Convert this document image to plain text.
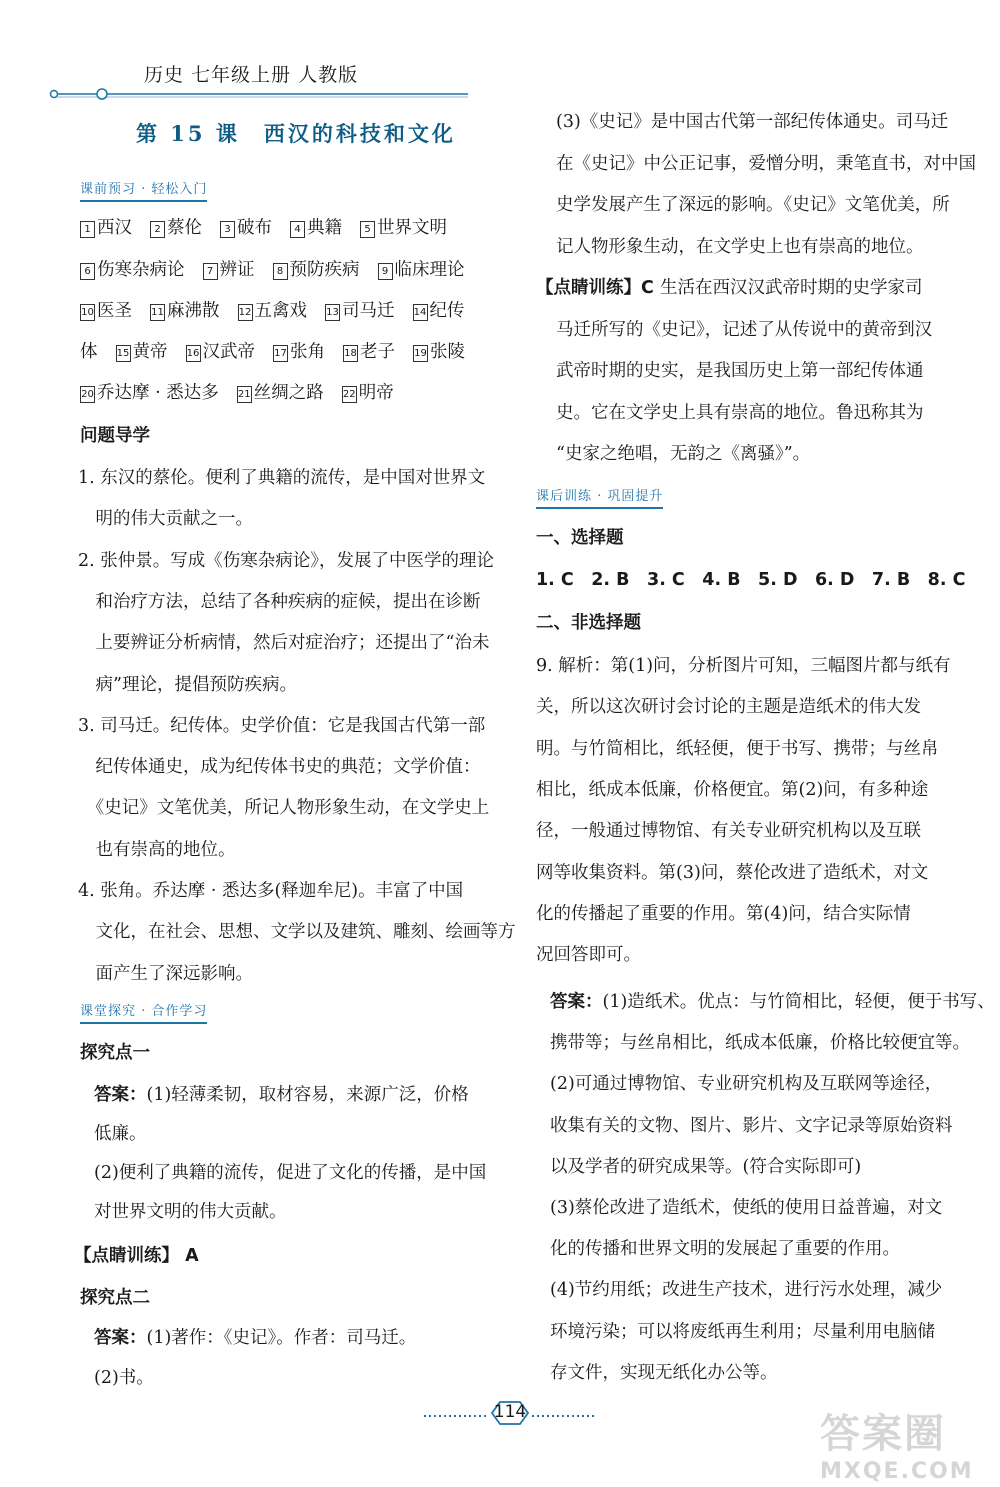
历史 七年级上册 人教版
第 15 课　西汉的科技和文化
课前预习 · 轻松入门
1 西汉 2 蔡伦 3 破布 4 典籍 5 世界文明
6 伤寒杂病论 7 辨证 8 预防疾病 9 临床理论
10 医圣 11 麻沸散 12 五禽戏 13 司马迁 14 纪传
体 15 黄帝 16 汉武帝 17 张角 18 老子 19 张陵
20 乔达摩 · 悉达多 21 丝绸之路 22 明帝
问题导学
1. 东汉的蔡伦。便利了典籍的流传，是中国对世界文
　明的伟大贡献之一。
2. 张仲景。写成《伤寒杂病论》，发展了中医学的理论
　和治疗方法，总结了各种疾病的症候，提出在诊断
　上要辨证分析病情，然后对症治疗；还提出了“治未
　病”理论，提倡预防疾病。
3. 司马迁。纪传体。史学价值：它是我国古代第一部
　纪传体通史，成为纪传体书史的典范；文学价值：
　《史记》文笔优美，所记人物形象生动，在文学史上
　也有崇高的地位。
4. 张角。乔达摩 · 悉达多(释迦牟尼)。丰富了中国
　文化，在社会、思想、文学以及建筑、雕刻、绘画等方
　面产生了深远影响。
课堂探究 · 合作学习
探究点一
答案：(1)轻薄柔韧，取材容易，来源广泛，价格
低廉。
(2)便利了典籍的流传，促进了文化的传播，是中国
对世界文明的伟大贡献。
【点睛训练】 A
探究点二
答案：(1)著作：《史记》。作者：司马迁。
(2)书。
(3)《史记》是中国古代第一部纪传体通史。司马迁
在《史记》中公正记事，爱憎分明，秉笔直书，对中国
史学发展产生了深远的影响。《史记》文笔优美，所
记人物形象生动，在文学史上也有崇高的地位。
【点睛训练】C 生活在西汉汉武帝时期的史学家司
马迁所写的《史记》，记述了从传说中的黄帝到汉
武帝时期的史实，是我国历史上第一部纪传体通
史。它在文学史上具有崇高的地位。鲁迅称其为
“史家之绝唱，无韵之《离骚》”。
课后训练 · 巩固提升
一、选择题
1. C　2. B　3. C　4. B　5. D　6. D　7. B　8. C
二、非选择题
9. 解析：第(1)问，分析图片可知，三幅图片都与纸有
关，所以这次研讨会讨论的主题是造纸术的伟大发
明。与竹简相比，纸轻便，便于书写、携带；与丝帛
相比，纸成本低廉，价格便宜。第(2)问，有多种途
径，一般通过博物馆、有关专业研究机构以及互联
网等收集资料。第(3)问，蔡伦改进了造纸术，对文
化的传播起了重要的作用。第(4)问，结合实际情
况回答即可。
答案：(1)造纸术。优点：与竹简相比，轻便，便于书写、
携带等；与丝帛相比，纸成本低廉，价格比较便宜等。
(2)可通过博物馆、专业研究机构及互联网等途径，
收集有关的文物、图片、影片、文字记录等原始资料
以及学者的研究成果等。(符合实际即可)
(3)蔡伦改进了造纸术，使纸的使用日益普遍，对文
化的传播和世界文明的发展起了重要的作用。
(4)节约用纸；改进生产技术，进行污水处理，减少
环境污染；可以将废纸再生利用；尽量利用电脑储
存文件，实现无纸化办公等。
114	答案圈
MXQE.COM
